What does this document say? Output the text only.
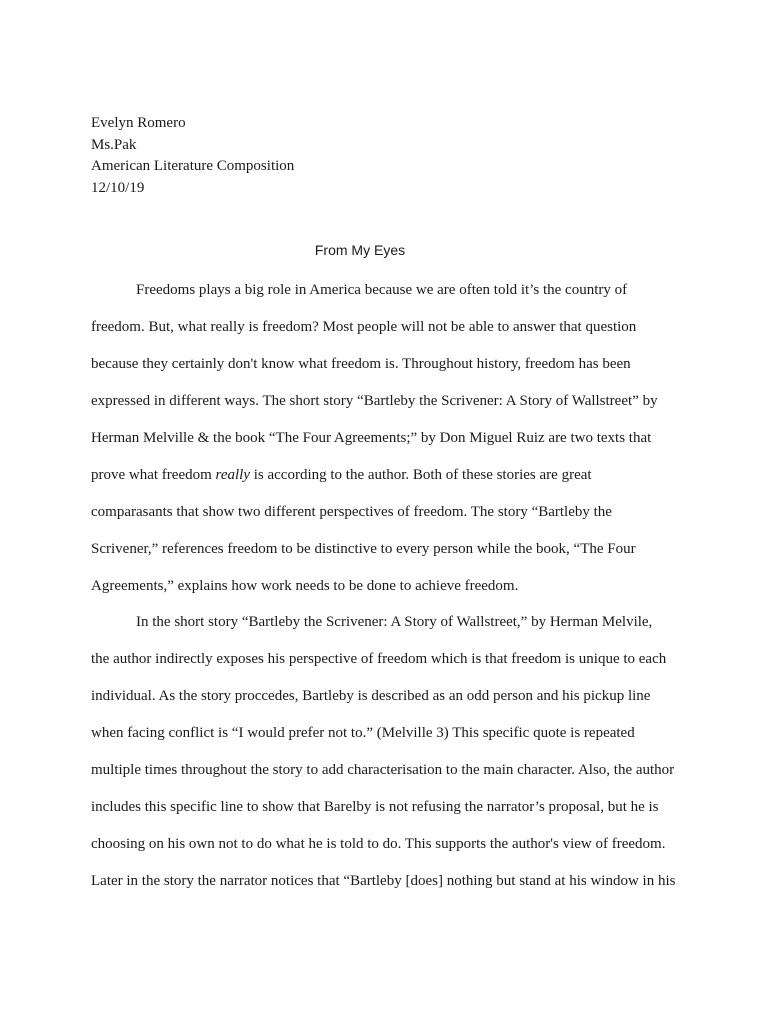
Evelyn Romero
Ms.Pak
American Literature Composition
12/10/19
From My Eyes
Freedoms plays a big role in America because we are often told it’s the country of
freedom. But, what really is freedom? Most people will not be able to answer that question
because they certainly don't know what freedom is. Throughout history, freedom has been
expressed in different ways. The short story “Bartleby the Scrivener: A Story of Wallstreet” by
Herman Melville & the book “The Four Agreements;” by Don Miguel Ruiz are two texts that
prove what freedom really is according to the author. Both of these stories are great
comparasants that show two different perspectives of freedom. The story “Bartleby the
Scrivener,” references freedom to be distinctive to every person while the book, “The Four
Agreements,” explains how work needs to be done to achieve freedom.
In the short story “Bartleby the Scrivener: A Story of Wallstreet,” by Herman Melvile,
the author indirectly exposes his perspective of freedom which is that freedom is unique to each
individual. As the story proccedes, Bartleby is described as an odd person and his pickup line
when facing conflict is “I would prefer not to.” (Melville 3) This specific quote is repeated
multiple times throughout the story to add characterisation to the main character. Also, the author
includes this specific line to show that Barelby is not refusing the narrator’s proposal, but he is
choosing on his own not to do what he is told to do. This supports the author's view of freedom.
Later in the story the narrator notices that “Bartleby [does] nothing but stand at his window in his
